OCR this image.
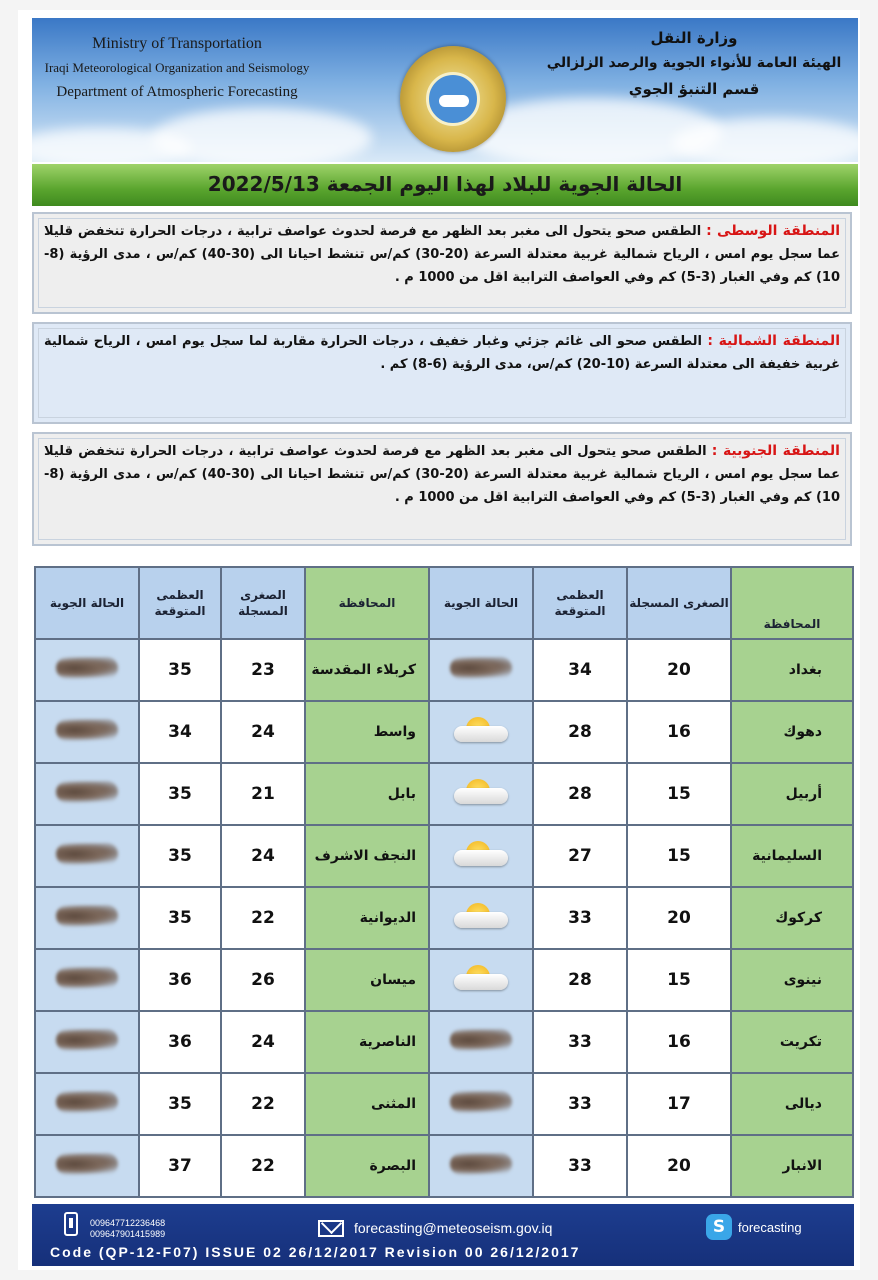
Ministry of Transportation
Iraqi Meteorological Organization and Seismology
Department of Atmospheric Forecasting
وزارة النقل
الهيئة العامة للأنواء الجوية والرصد الزلزالي
قسم التنبؤ الجوي
الحالة الجوية للبلاد لهذا اليوم الجمعة 2022/5/13

المنطقة الوسطى : الطقس صحو يتحول الى مغبر بعد الظهر مع فرصة لحدوث عواصف ترابية ، درجات الحرارة تنخفض قليلا عما سجل يوم امس ، الرياح شمالية غربية معتدلة السرعة (20-30) كم/س تنشط احيانا الى (30-40) كم/س ، مدى الرؤية (8-10) كم وفي الغبار (3-5) كم وفي العواصف الترابية اقل من 1000 م .

المنطقة الشمالية : الطقس صحو الى غائم جزئي وغبار خفيف ، درجات الحرارة مقاربة لما سجل يوم امس ، الرياح شمالية غربية خفيفة الى معتدلة السرعة (10-20) كم/س، مدى الرؤية (6-8) كم .

المنطقة الجنوبية : الطقس صحو يتحول الى مغبر بعد الظهر مع فرصة لحدوث عواصف ترابية ، درجات الحرارة تنخفض قليلا عما سجل يوم امس ، الرياح شمالية غربية معتدلة السرعة (20-30) كم/س تنشط احيانا الى (30-40) كم/س ، مدى الرؤية (8-10) كم وفي الغبار (3-5) كم وفي العواصف الترابية اقل من 1000 م .

الحالة الجوية	العظمى المتوقعة	الصغرى المسجلة	المحافظة	الحالة الجوية	العظمى المتوقعة	الصغرى المسجلة	المحافظة
	35	23	كربلاء المقدسة		34	20	بغداد
	34	24	واسط		28	16	دهوك
	35	21	بابل		28	15	أربيل
	35	24	النجف الاشرف		27	15	السليمانية
	35	22	الديوانية		33	20	كركوك
	36	26	ميسان		28	15	نينوى
	36	24	الناصرية		33	16	تكريت
	35	22	المثنى		33	17	ديالى
	37	22	البصرة		33	20	الانبار
009647712236468
009647901415989	forecasting@meteoseism.gov.iq	S forecasting
Code (QP-12-F07) ISSUE 02 26/12/2017 Revision 00 26/12/2017
